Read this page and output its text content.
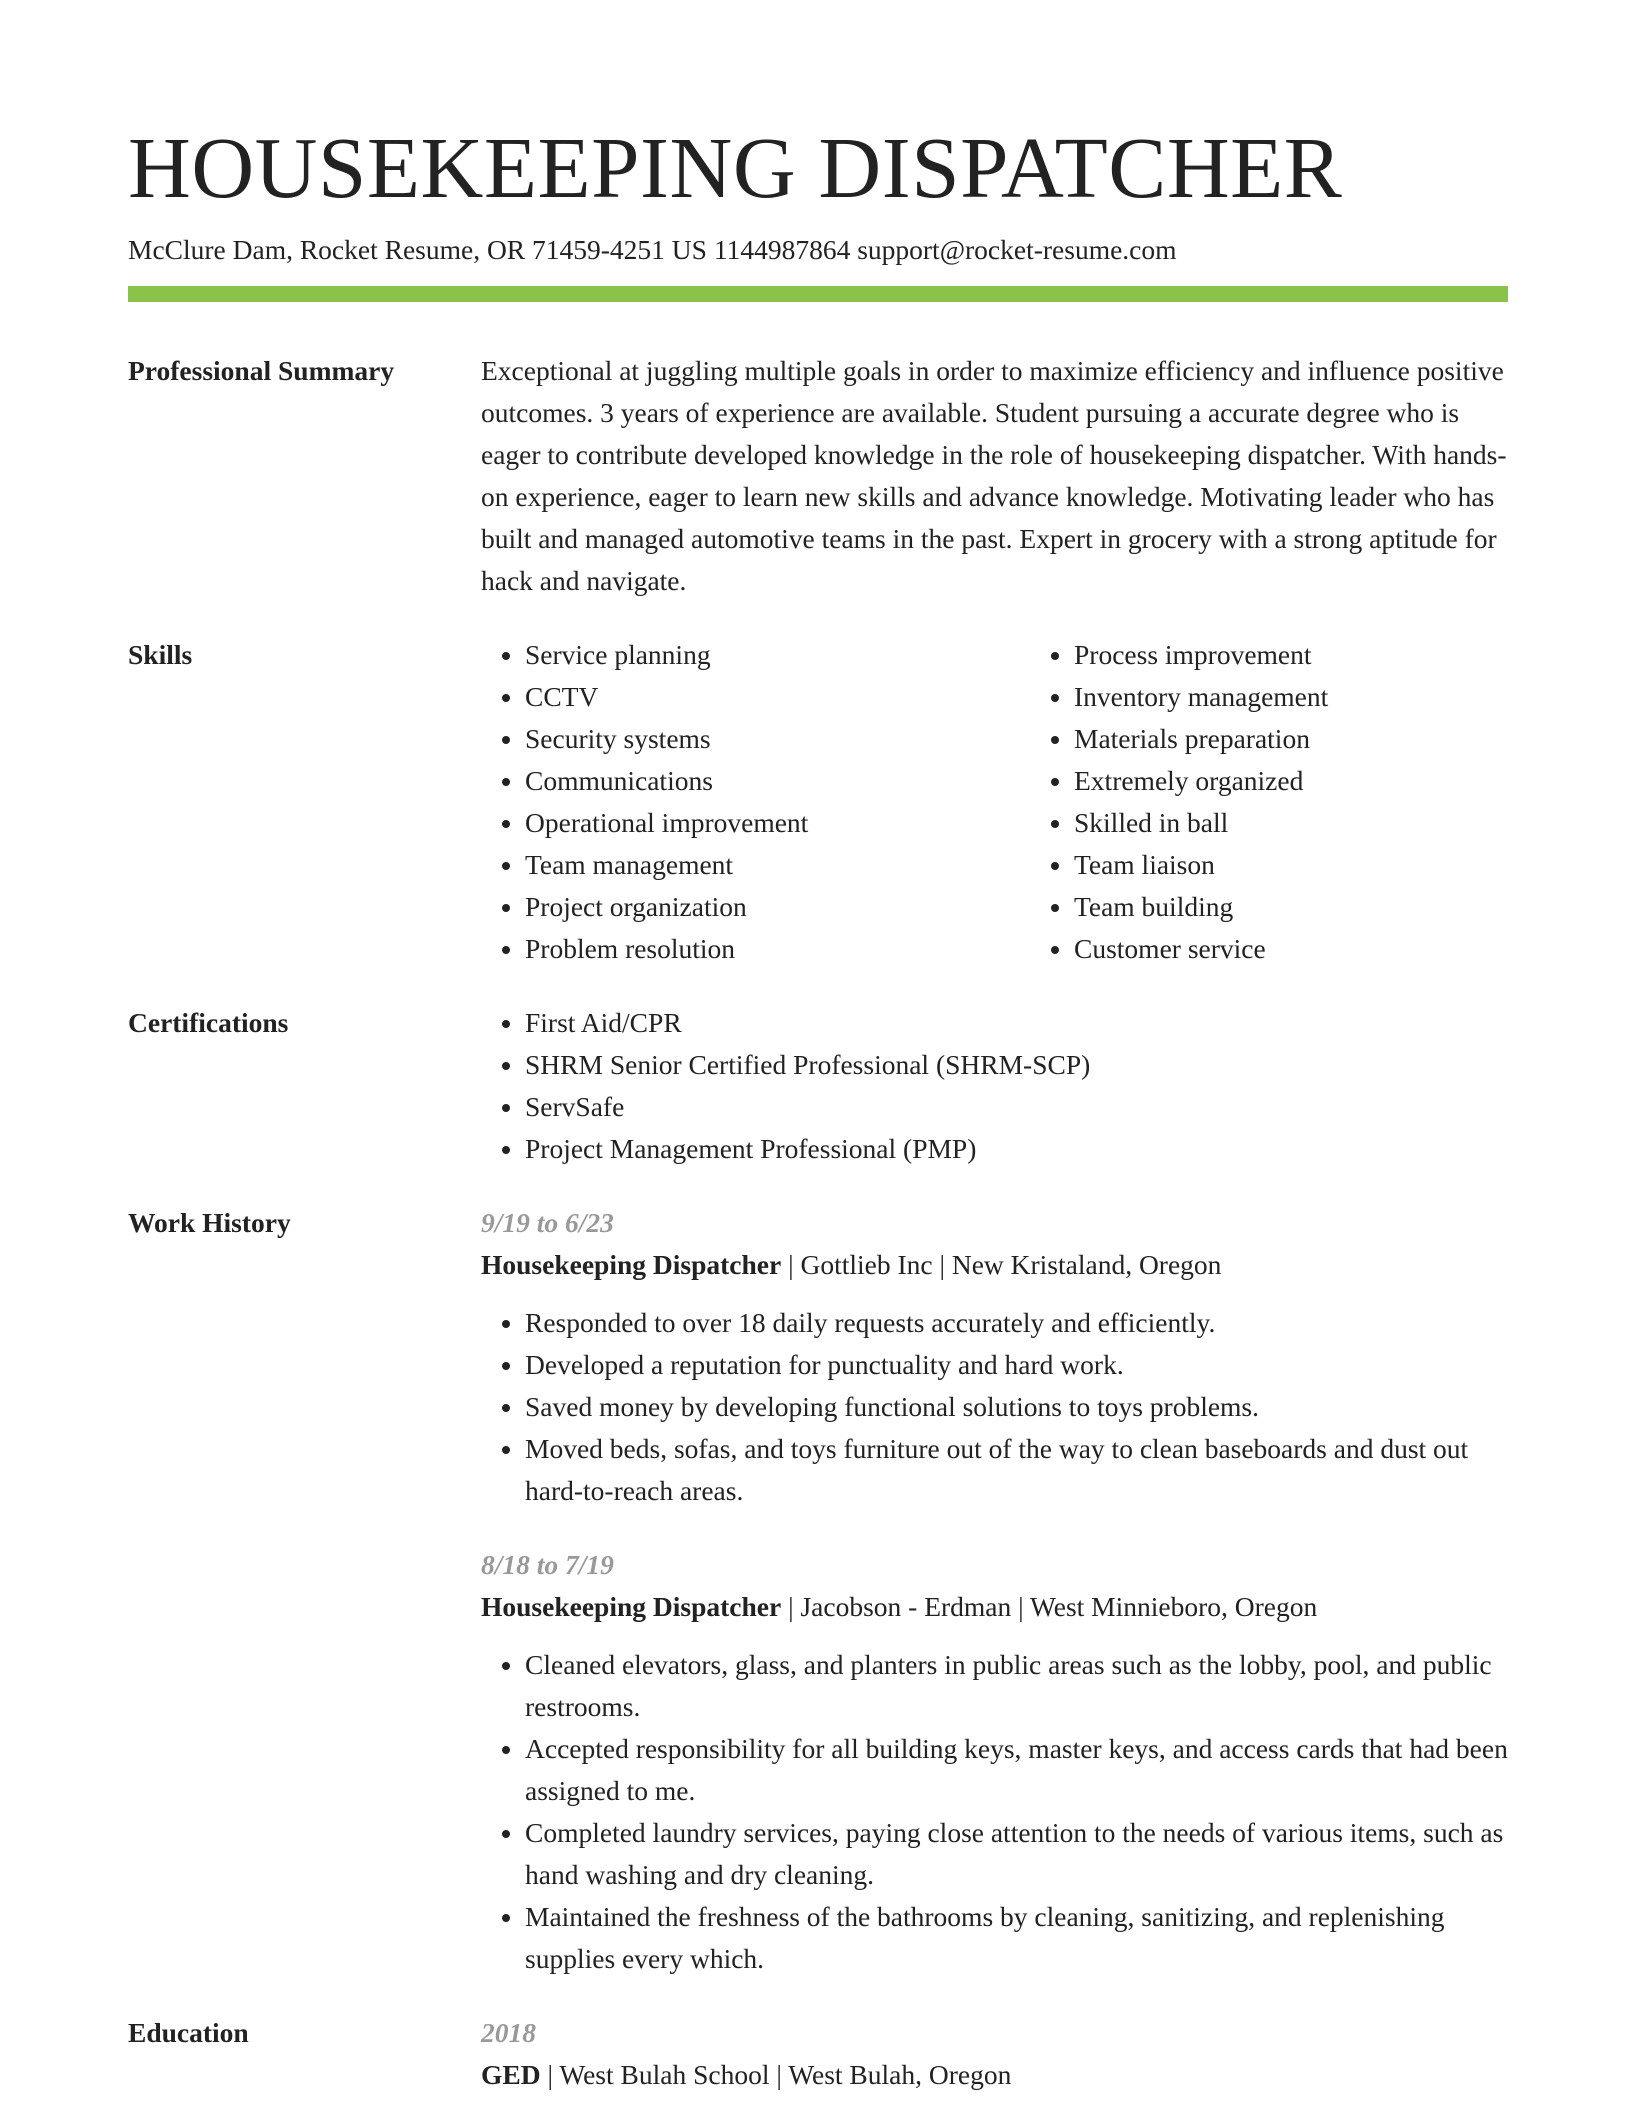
HOUSEKEEPING DISPATCHER
McClure Dam, Rocket Resume, OR 71459-4251 US 1144987864 support@rocket-resume.com
Professional Summary	Exceptional at juggling multiple goals in order to maximize efficiency and influence positive outcomes. 3 years of experience are available. Student pursuing a accurate degree who is eager to contribute developed knowledge in the role of housekeeping dispatcher. With hands-on experience, eager to learn new skills and advance knowledge. Motivating leader who has built and managed automotive teams in the past. Expert in grocery with a strong aptitude for hack and navigate.

Skills	• Service planning
• CCTV
• Security systems
• Communications
• Operational improvement
• Team management
• Project organization
• Problem resolution
• Process improvement
• Inventory management
• Materials preparation
• Extremely organized
• Skilled in ball
• Team liaison
• Team building
• Customer service
Certifications	• First Aid/CPR
• SHRM Senior Certified Professional (SHRM-SCP)
• ServSafe
• Project Management Professional (PMP)
Work History	9/19 to 6/23
Housekeeping Dispatcher | Gottlieb Inc | New Kristaland, Oregon
• Responded to over 18 daily requests accurately and efficiently.
• Developed a reputation for punctuality and hard work.
• Saved money by developing functional solutions to toys problems.
• Moved beds, sofas, and toys furniture out of the way to clean baseboards and dust out hard-to-reach areas.
8/18 to 7/19
Housekeeping Dispatcher | Jacobson - Erdman | West Minnieboro, Oregon
• Cleaned elevators, glass, and planters in public areas such as the lobby, pool, and public restrooms.
• Accepted responsibility for all building keys, master keys, and access cards that had been assigned to me.
• Completed laundry services, paying close attention to the needs of various items, such as hand washing and dry cleaning.
• Maintained the freshness of the bathrooms by cleaning, sanitizing, and replenishing supplies every which.
Education	2018
GED | West Bulah School | West Bulah, Oregon
